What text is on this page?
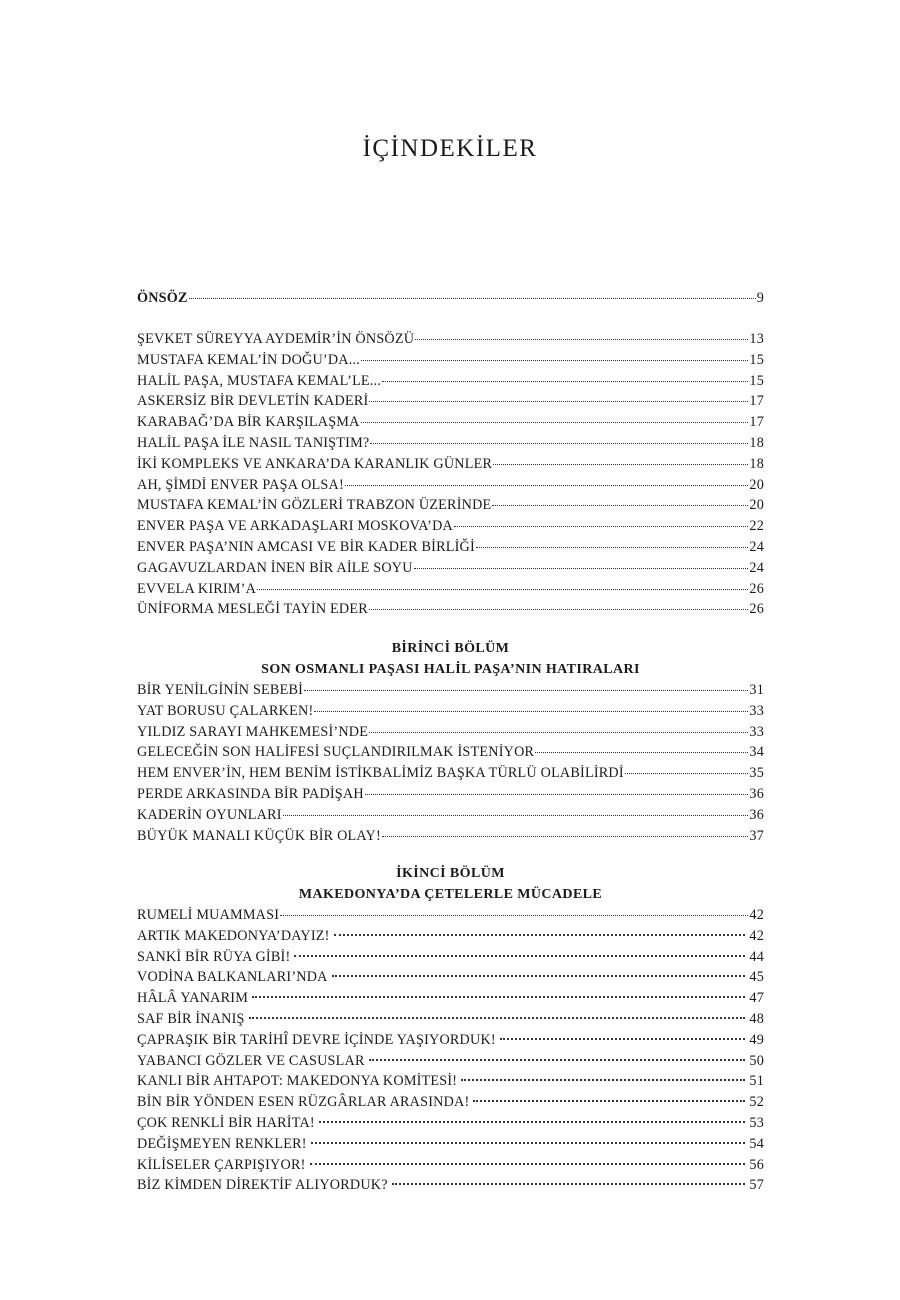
İÇİNDEKİLER
ÖNSÖZ	9
ŞEVKET SÜREYYA AYDEMİR’İN ÖNSÖZÜ	13
MUSTAFA KEMAL’İN DOĞU’DA...	15
HALİL PAŞA, MUSTAFA KEMAL’LE...	15
ASKERSİZ BİR DEVLETİN KADERİ	17
KARABAĞ’DA BİR KARŞILAŞMA	17
HALİL PAŞA İLE NASIL TANIŞTIM?	18
İKİ KOMPLEKS VE ANKARA’DA KARANLIK GÜNLER	18
AH, ŞİMDİ ENVER PAŞA OLSA!	20
MUSTAFA KEMAL’İN GÖZLERİ TRABZON ÜZERİNDE	20
ENVER PAŞA VE ARKADAŞLARI MOSKOVA’DA	22
ENVER PAŞA’NIN AMCASI VE BİR KADER BİRLİĞİ	24
GAGAVUZLARDAN İNEN BİR AİLE SOYU	24
EVVELA KIRIM’A	26
ÜNİFORMA MESLEĞİ TAYİN EDER	26
BİRİNCİ BÖLÜM
SON OSMANLI PAŞASI HALİL PAŞA’NIN HATIRALARI
BİR YENİLGİNİN SEBEBİ	31
YAT BORUSU ÇALARKEN!	33
YILDIZ SARAYI MAHKEMESİ’NDE	33
GELECEĞİN SON HALİFESİ SUÇLANDIRILMAK İSTENİYOR	34
HEM ENVER’İN, HEM BENİM İSTİKBALİMİZ BAŞKA TÜRLÜ OLABİLİRDİ	35
PERDE ARKASINDA BİR PADİŞAH	36
KADERİN OYUNLARI	36
BÜYÜK MANALI KÜÇÜK BİR OLAY!	37
İKİNCİ BÖLÜM
MAKEDONYA’DA ÇETELERLE MÜCADELE
RUMELİ MUAMMASI	42
ARTIK MAKEDONYA’DAYIZ!	42
SANKİ BİR RÜYA GİBİ!	44
VODİNA BALKANLARI’NDA	45
HÂLÂ YANARIM	47
SAF BİR İNANIŞ	48
ÇAPRAŞIK BİR TARİHÎ DEVRE İÇİNDE YAŞIYORDUK!	49
YABANCI GÖZLER VE CASUSLAR	50
KANLI BİR AHTAPOT: MAKEDONYA KOMİTESİ!	51
BİN BİR YÖNDEN ESEN RÜZGÂRLAR ARASINDA!	52
ÇOK RENKLİ BİR HARİTA!	53
DEĞİŞMEYEN RENKLER!	54
KİLİSELER ÇARPIŞIYOR!	56
BİZ KİMDEN DİREKTİF ALIYORDUK?	57
